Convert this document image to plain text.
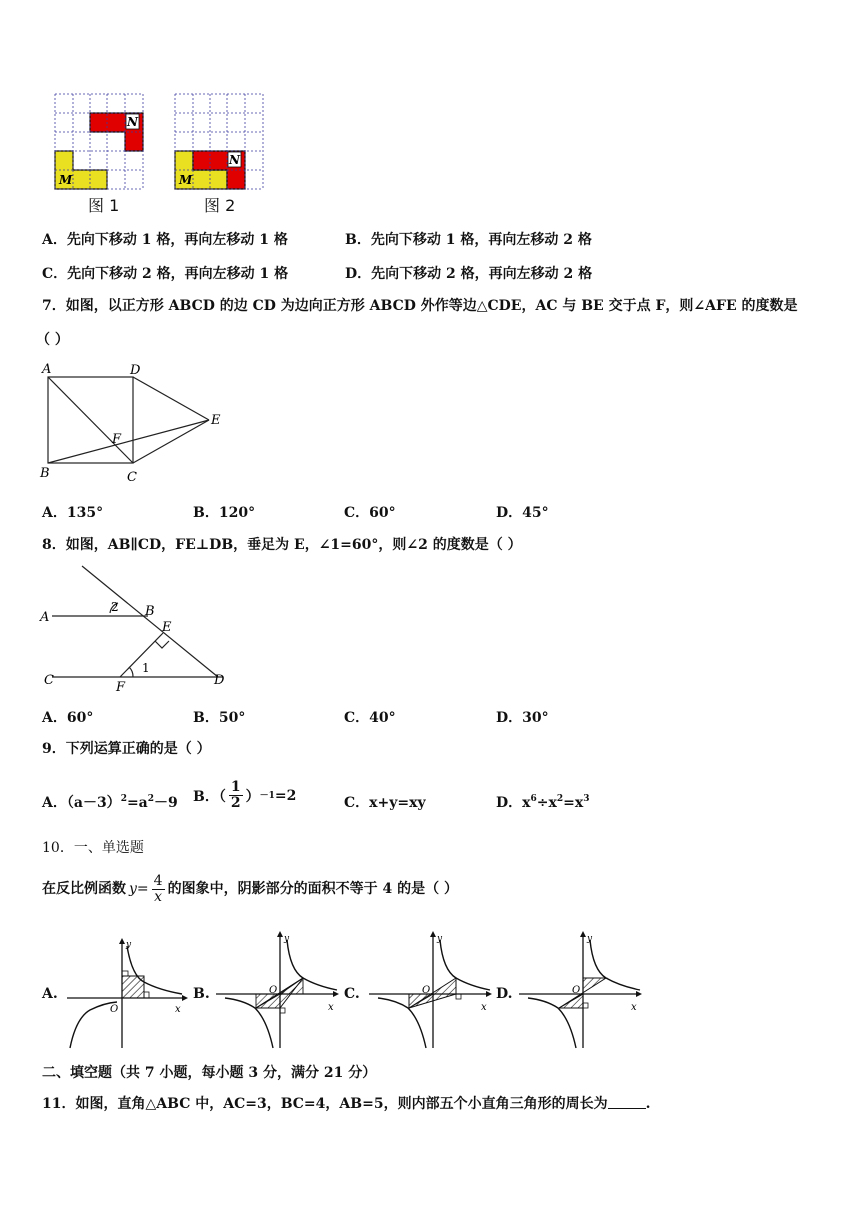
M
N
图 1
M
N
图 2
A．先向下移动 1 格，再向左移动 1 格	B．先向下移动 1 格，再向左移动 2 格
C．先向下移动 2 格，再向左移动 1 格	D．先向下移动 2 格，再向左移动 2 格
7．如图，以正方形 ABCD 的边 CD 为边向正方形 ABCD 外作等边△CDE，AC 与 BE 交于点 F，则∠AFE 的度数是
（ ）
A	D
E
F
B	C
A．135°	B．120°	C．60°	D．45°
8．如图，AB∥CD，FE⊥DB，垂足为 E，∠1=60°，则∠2 的度数是（ ）
A	B
E
C	F	D
2
1
A．60°	B．50°	C．40°	D．30°
9．下列运算正确的是（ ）
A．$(a-3)^2=a^2-9$ B．（ $\frac{1}{2}$ ） －1 =2	C．x+y=xy	D．$x^6\div x^2=x^3$
10．一、单选题
在反比例函数 $y = \frac{4}{x}$ 的图象中，阴影部分的面积不等于 4 的是（ ）
A.	B.	C.	D.
y
x
O
y
x
O
y
x
O
y
x
O
二、填空题（共 7 小题，每小题 3 分，满分 21 分）
11．如图，直角△ABC 中，AC=3，BC=4，AB=5，则内部五个小直角三角形的周长为	.
